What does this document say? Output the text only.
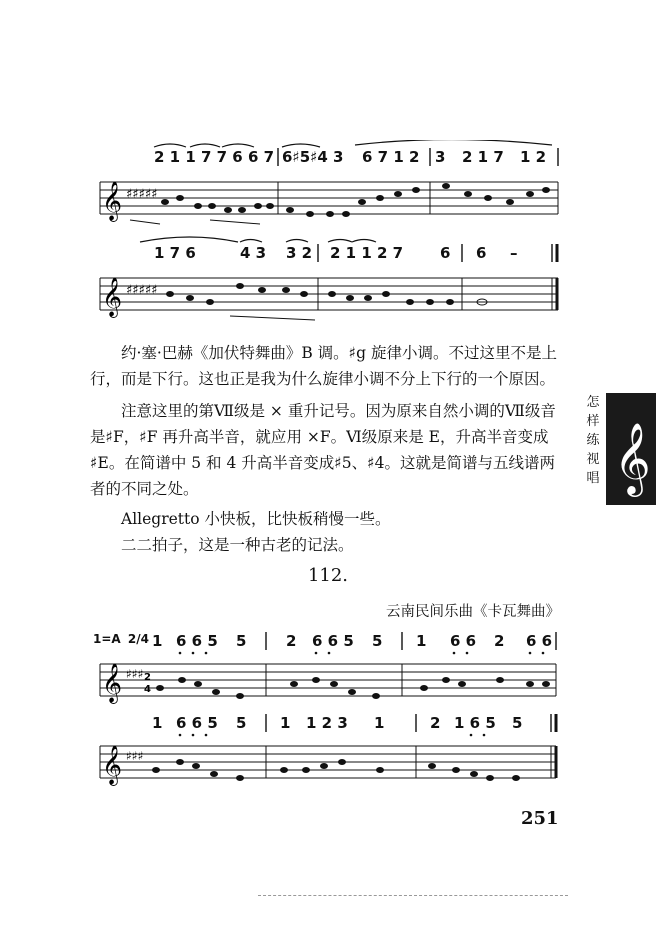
2 1 1 7 7 6 6 7 6♯5♯4 3 6 7 1 2 3 2 1 7 1 2
𝄞 ♯♯♯♯♯
1 7 6	4 3 3 2 2 1 1 2 7 6 6 –
𝄞 ♯♯♯♯♯

约·塞·巴赫《加伏特舞曲》B 调。♯g 旋律小调。不过这里不是上行，而是下行。这也正是我为什么旋律小调不分上下行的一个原因。

注意这里的第Ⅶ级是 × 重升记号。因为原来自然小调的Ⅶ级音是♯F，♯F 再升高半音，就应用 ×F。Ⅵ级原来是 E，升高半音变成♯E。在简谱中 5 和 4 升高半音变成♯5、♯4。这就是简谱与五线谱两者的不同之处。

Allegretto 小快板，比快板稍慢一些。

二二拍子，这是一种古老的记法。

112.
云南民间乐曲《卡瓦舞曲》
1=A 2/4 1 6 6 5 5	2 6 6 5 5 1 6 6 2 6 6
𝄞 ♯♯♯ 2
4
1 6 6 5 5 1 1 2 3 1	2 1 6 5 5
𝄞 ♯♯♯
怎样练视唱 𝄞
251
